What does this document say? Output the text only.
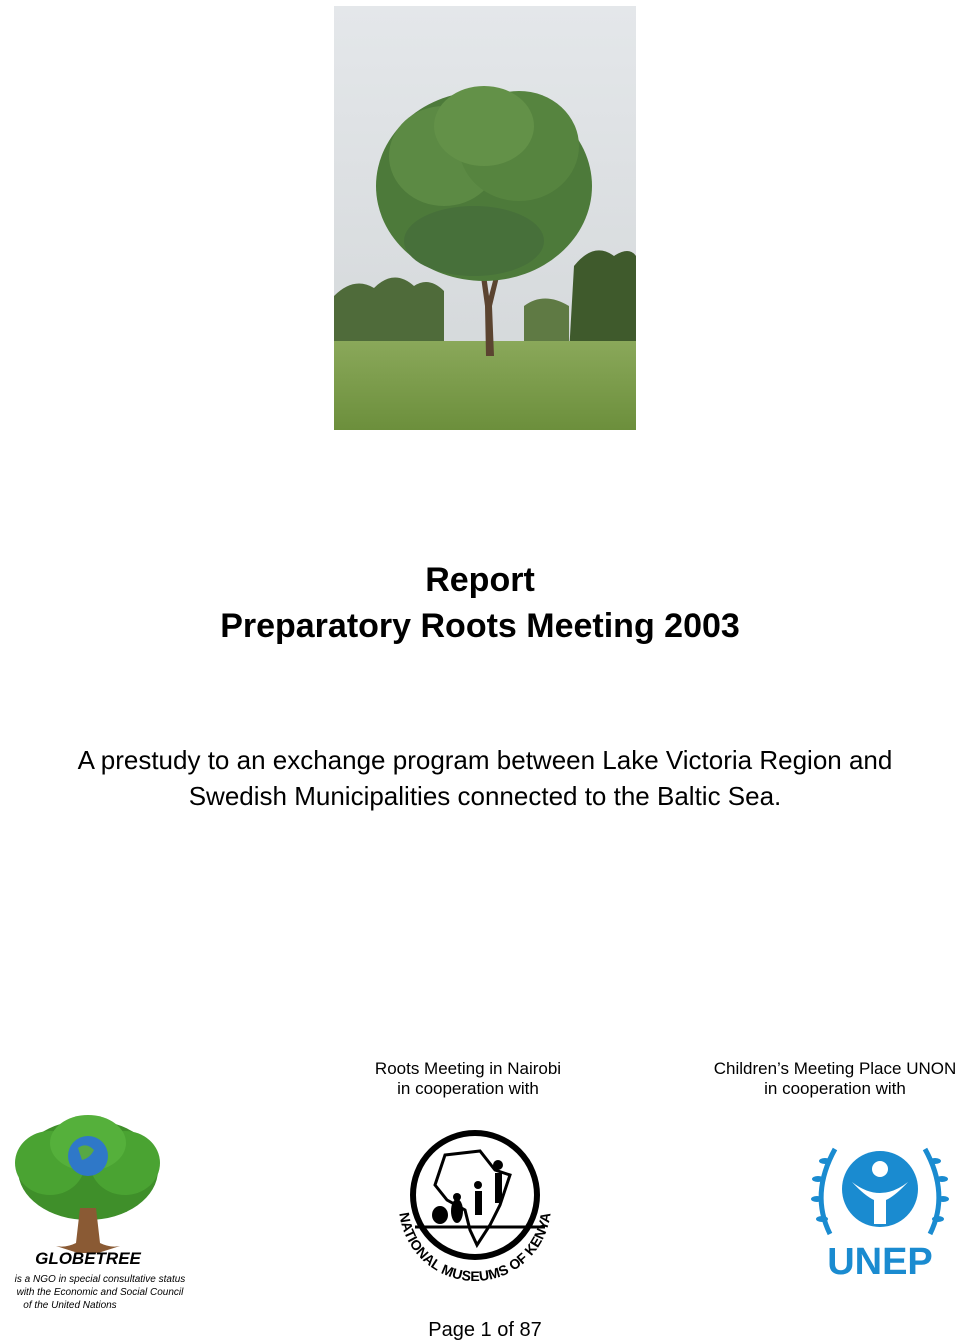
Report
Preparatory Roots Meeting 2003
A prestudy to an exchange program between Lake Victoria Region and
Swedish Municipalities connected to the Baltic Sea.
Roots Meeting in Nairobi
in cooperation with
Children’s Meeting Place UNON
in cooperation with
GLOBETREE
is a NGO in special consultative status
with the Economic and Social Council
of the United Nations
NATIONAL MUSEUMS OF KENYA
UNEP
Page 1 of 87
